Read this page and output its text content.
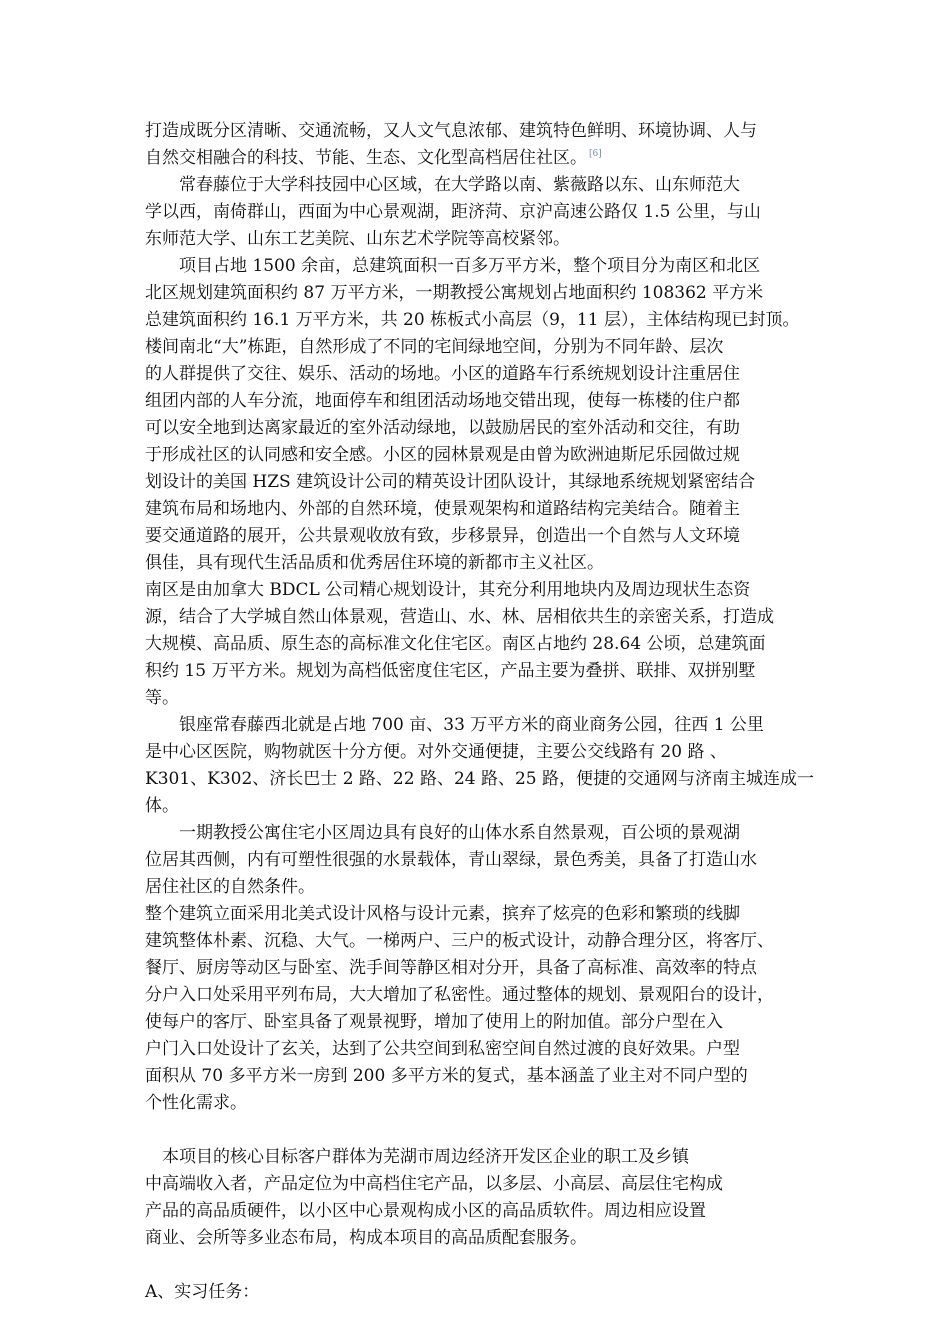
打造成既分区清晰、交通流畅，又人文气息浓郁、建筑特色鲜明、环境协调、人与
自然交相融合的科技、节能、生态、文化型高档居住社区。 [6]
常春藤位于大学科技园中心区域，在大学路以南、紫薇路以东、山东师范大
学以西，南倚群山，西面为中心景观湖，距济菏、京沪高速公路仅 1.5 公里，与山
东师范大学、山东工艺美院、山东艺术学院等高校紧邻。
项目占地 1500 余亩，总建筑面积一百多万平方米，整个项目分为南区和北区
北区规划建筑面积约 87 万平方米，一期教授公寓规划占地面积约 108362 平方米
总建筑面积约 16.1 万平方米，共 20 栋板式小高层（9，11 层），主体结构现已封顶。
楼间南北“大”栋距，自然形成了不同的宅间绿地空间，分别为不同年龄、层次
的人群提供了交往、娱乐、活动的场地。小区的道路车行系统规划设计注重居住
组团内部的人车分流，地面停车和组团活动场地交错出现，使每一栋楼的住户都
可以安全地到达离家最近的室外活动绿地，以鼓励居民的室外活动和交往，有助
于形成社区的认同感和安全感。小区的园林景观是由曾为欧洲迪斯尼乐园做过规
划设计的美国 HZS 建筑设计公司的精英设计团队设计，其绿地系统规划紧密结合
建筑布局和场地内、外部的自然环境，使景观架构和道路结构完美结合。随着主
要交通道路的展开，公共景观收放有致，步移景异，创造出一个自然与人文环境
俱佳，具有现代生活品质和优秀居住环境的新都市主义社区。
南区是由加拿大 BDCL 公司精心规划设计，其充分利用地块内及周边现状生态资
源，结合了大学城自然山体景观，营造山、水、林、居相依共生的亲密关系，打造成
大规模、高品质、原生态的高标准文化住宅区。南区占地约 28.64 公顷，总建筑面
积约 15 万平方米。规划为高档低密度住宅区，产品主要为叠拼、联排、双拼别墅
等。
银座常春藤西北就是占地 700 亩、33 万平方米的商业商务公园，往西 1 公里
是中心区医院，购物就医十分方便。对外交通便捷，主要公交线路有 20 路 、
K301、K302、济长巴士 2 路、22 路、24 路、25 路，便捷的交通网与济南主城连成一
体。
一期教授公寓住宅小区周边具有良好的山体水系自然景观，百公顷的景观湖
位居其西侧，内有可塑性很强的水景载体，青山翠绿，景色秀美，具备了打造山水
居住社区的自然条件。
整个建筑立面采用北美式设计风格与设计元素，摈弃了炫亮的色彩和繁琐的线脚
建筑整体朴素、沉稳、大气。一梯两户、三户的板式设计，动静合理分区，将客厅、
餐厅、厨房等动区与卧室、洗手间等静区相对分开，具备了高标准、高效率的特点
分户入口处采用平列布局，大大增加了私密性。通过整体的规划、景观阳台的设计，
使每户的客厅、卧室具备了观景视野，增加了使用上的附加值。部分户型在入
户门入口处设计了玄关，达到了公共空间到私密空间自然过渡的良好效果。户型
面积从 70 多平方米一房到 200 多平方米的复式，基本涵盖了业主对不同户型的
个性化需求。
本项目的核心目标客户群体为芜湖市周边经济开发区企业的职工及乡镇
中高端收入者，产品定位为中高档住宅产品，以多层、小高层、高层住宅构成
产品的高品质硬件，以小区中心景观构成小区的高品质软件。周边相应设置
商业、会所等多业态布局，构成本项目的高品质配套服务。
A、实习任务：
